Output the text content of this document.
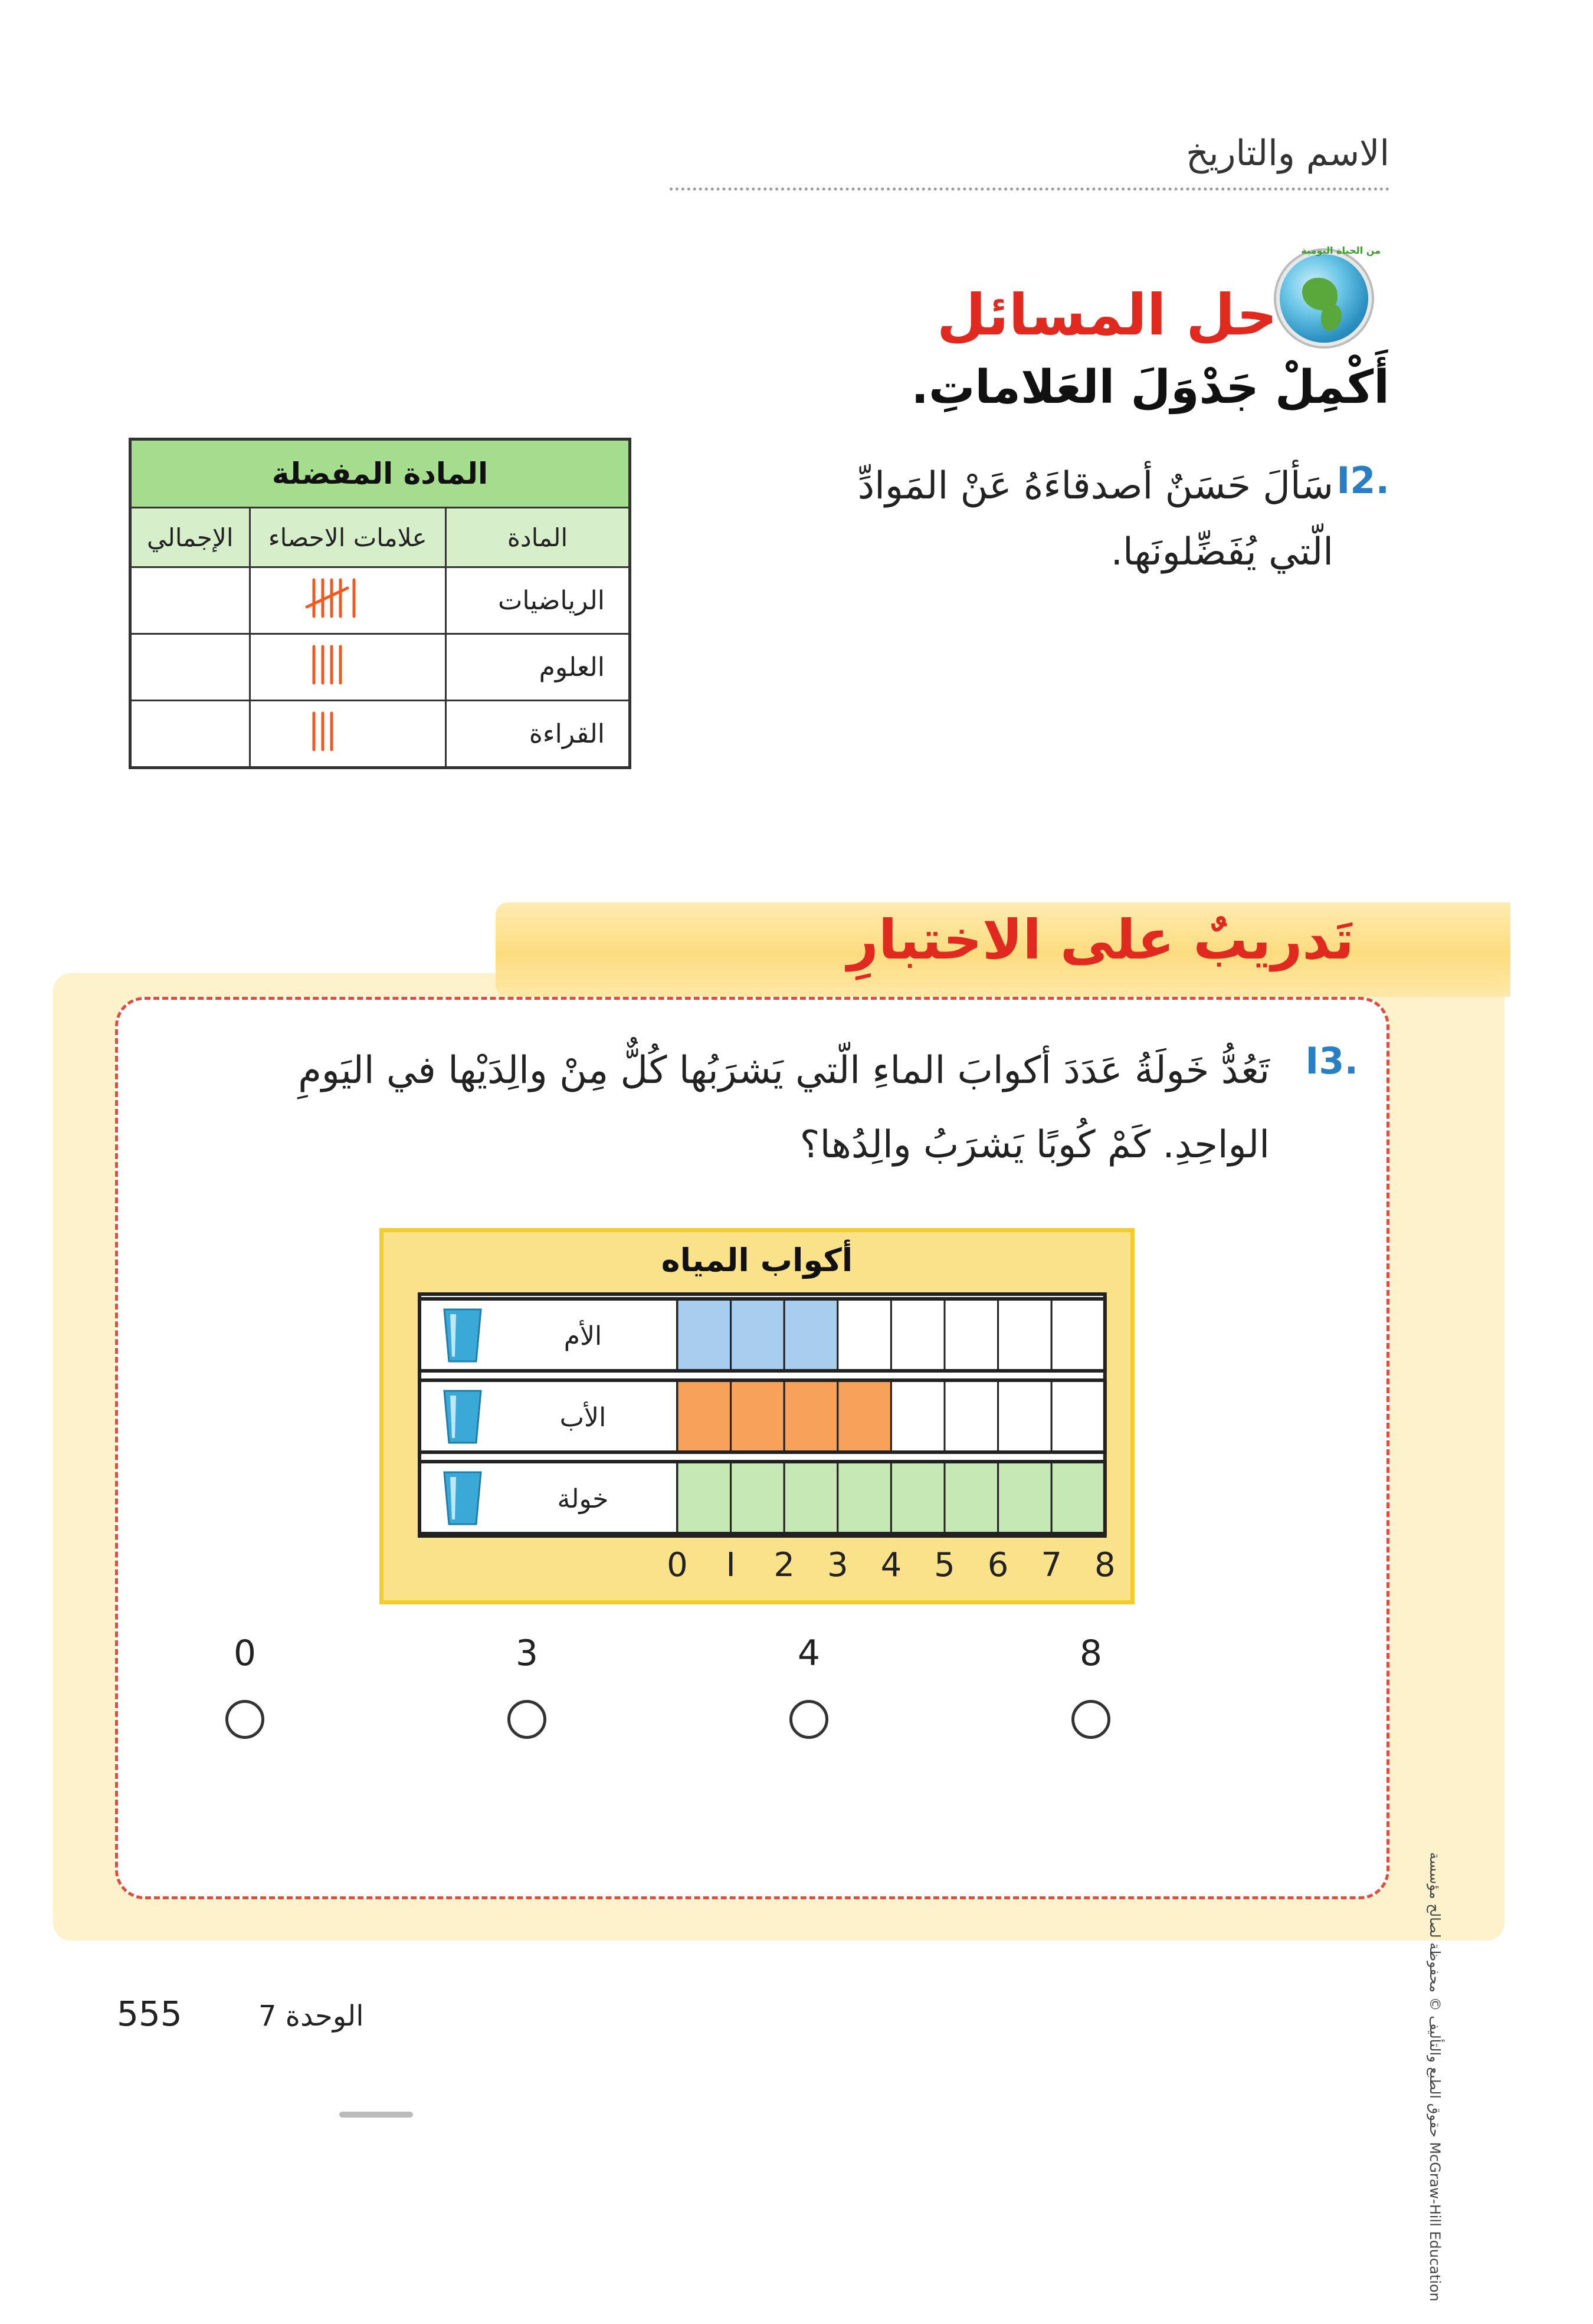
الاسم والتاريخ
من الحياة اليومية
حل المسائل
أَكْمِلْ جَدْوَلَ العَلاماتِ.
I2.
سَألَ حَسَنٌ أصدقاءَهُ عَنْ المَوادِّ الّتي يُفَضِّلونَها.
المادة المفضلة		
المادة	علامات الاحصاء	الإجمالي
الرياضيات		
العلوم		
القراءة		
تَدريبٌ على الاختبارِ
I3.
تَعُدُّ خَولَةُ عَدَدَ أكوابَ الماءِ الّتي يَشرَبُها كُلٌّ مِنْ والِدَيْها في اليَومِ الواحِدِ. كَمْ كُوبًا يَشرَبُ والِدُها؟
أكواب المياه
الأم
الأب
خولة
0 I 2 3 4 5 6 7 8
0	3	4	8
555	الوحدة 7	حقوق الطبع والتأليف © محفوظة لصالح مؤسسة McGraw-Hill Education
